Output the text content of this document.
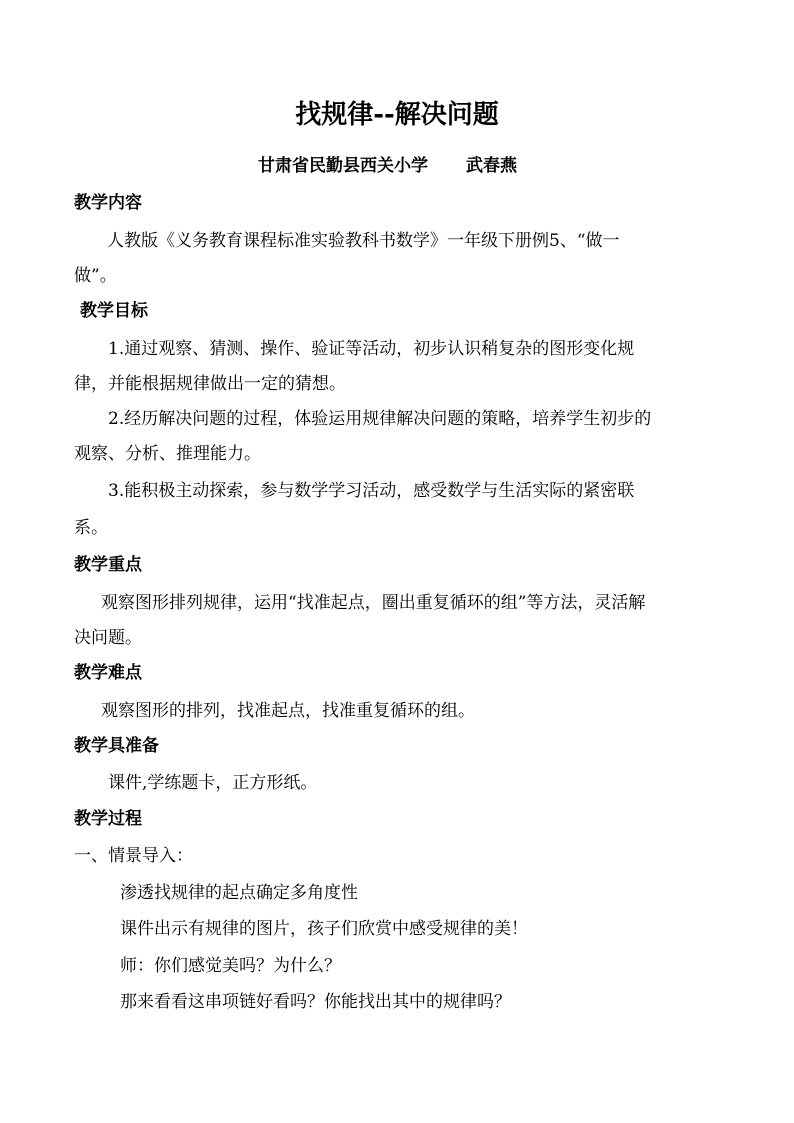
找规律--解决问题
甘肃省民勤县西关小学 武春燕
教学内容
人教版《义务教育课程标准实验教科书数学》一年级下册例5、“做一
做”。
教学目标
1.通过观察、猜测、操作、验证等活动，初步认识稍复杂的图形变化规
律，并能根据规律做出一定的猜想。
2.经历解决问题的过程，体验运用规律解决问题的策略，培养学生初步的
观察、分析、推理能力。
3.能积极主动探索，参与数学学习活动，感受数学与生活实际的紧密联
系。
教学重点
观察图形排列规律，运用“找准起点，圈出重复循环的组”等方法，灵活解
决问题。
教学难点
观察图形的排列，找准起点，找准重复循环的组。
教学具准备
课件,学练题卡，正方形纸。
教学过程
一、情景导入：
渗透找规律的起点确定多角度性
课件出示有规律的图片，孩子们欣赏中感受规律的美！
师：你们感觉美吗？为什么？
那来看看这串项链好看吗？你能找出其中的规律吗？
